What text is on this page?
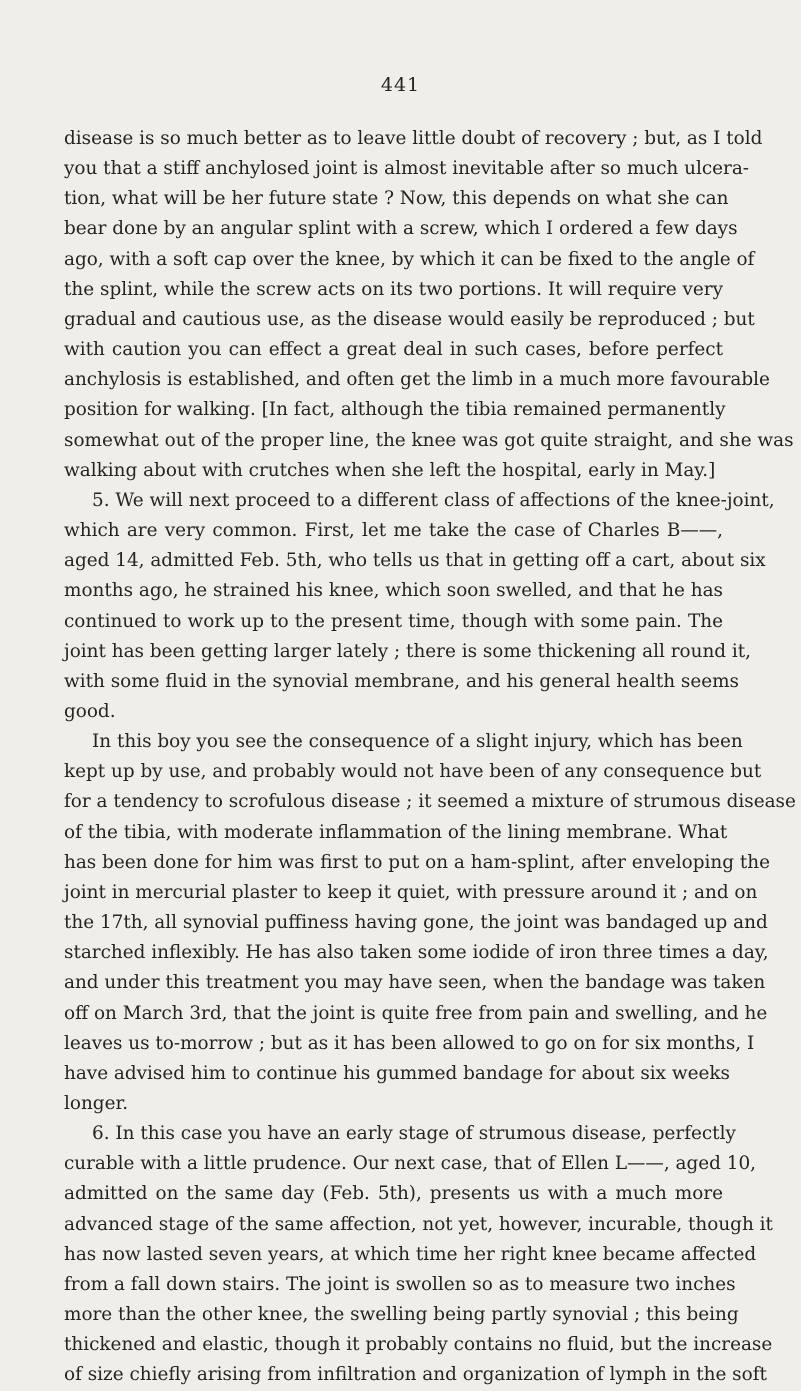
441
disease is so much better as to leave little doubt of recovery ; but, as I told
you that a stiff anchylosed joint is almost inevitable after so much ulcera-
tion, what will be her future state ? Now, this depends on what she can
bear done by an angular splint with a screw, which I ordered a few days
ago, with a soft cap over the knee, by which it can be fixed to the angle of
the splint, while the screw acts on its two portions. It will require very
gradual and cautious use, as the disease would easily be reproduced ; but
with caution you can effect a great deal in such cases, before perfect
anchylosis is established, and often get the limb in a much more favourable
position for walking. [In fact, although the tibia remained permanently
somewhat out of the proper line, the knee was got quite straight, and she was
walking about with crutches when she left the hospital, early in May.]
5. We will next proceed to a different class of affections of the knee-joint,
which are very common. First, let me take the case of Charles B——,
aged 14, admitted Feb. 5th, who tells us that in getting off a cart, about six
months ago, he strained his knee, which soon swelled, and that he has
continued to work up to the present time, though with some pain. The
joint has been getting larger lately ; there is some thickening all round it,
with some fluid in the synovial membrane, and his general health seems
good.
In this boy you see the consequence of a slight injury, which has been
kept up by use, and probably would not have been of any consequence but
for a tendency to scrofulous disease ; it seemed a mixture of strumous disease
of the tibia, with moderate inflammation of the lining membrane. What
has been done for him was first to put on a ham-splint, after enveloping the
joint in mercurial plaster to keep it quiet, with pressure around it ; and on
the 17th, all synovial puffiness having gone, the joint was bandaged up and
starched inflexibly. He has also taken some iodide of iron three times a day,
and under this treatment you may have seen, when the bandage was taken
off on March 3rd, that the joint is quite free from pain and swelling, and he
leaves us to-morrow ; but as it has been allowed to go on for six months, I
have advised him to continue his gummed bandage for about six weeks
longer.
6. In this case you have an early stage of strumous disease, perfectly
curable with a little prudence. Our next case, that of Ellen L——, aged 10,
admitted on the same day (Feb. 5th), presents us with a much more
advanced stage of the same affection, not yet, however, incurable, though it
has now lasted seven years, at which time her right knee became affected
from a fall down stairs. The joint is swollen so as to measure two inches
more than the other knee, the swelling being partly synovial ; this being
thickened and elastic, though it probably contains no fluid, but the increase
of size chiefly arising from infiltration and organization of lymph in the soft
